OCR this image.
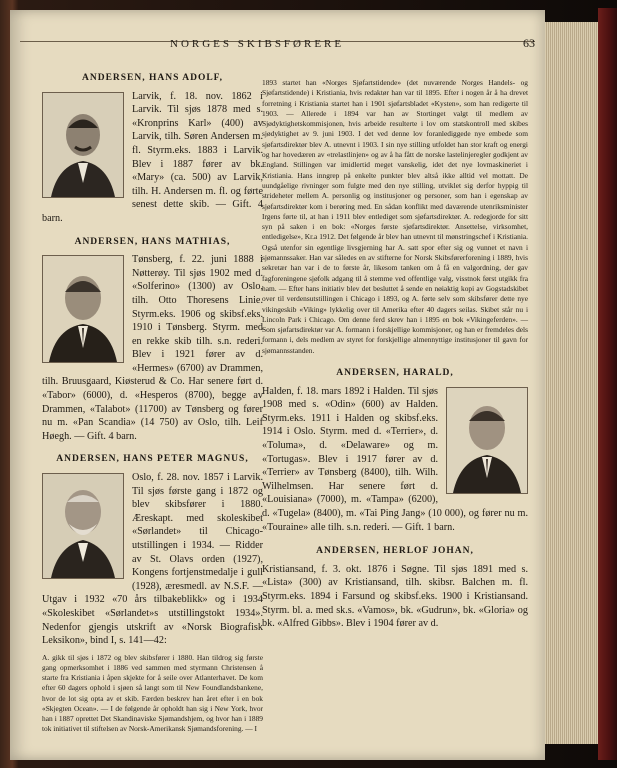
NORGES SKIBSFØRERE	63
ANDERSEN, HANS ADOLF,

Larvik, f. 18. nov. 1862 i Larvik. Til sjøs 1878 med s. «Kronprins Karl» (400) av Larvik, tilh. Søren Andersen m. fl. Styrm.eks. 1883 i Larvik. Blev i 1887 fører av bk. «Mary» (ca. 500) av Larvik, tilh. H. Andersen m. fl. og førte senest dette skib. — Gift. 4 barn.

ANDERSEN, HANS MATHIAS,

Tønsberg, f. 22. juni 1888 i Nøtterøy. Til sjøs 1902 med d. «Solferino» (1300) av Oslo, tilh. Otto Thoresens Linie. Styrm.eks. 1906 og skibsf.eks. 1910 i Tønsberg. Styrm. med en rekke skib tilh. s.n. rederi. Blev i 1921 fører av d. «Hermes» (6700) av Drammen, tilh. Bruusgaard, Kiøsterud & Co. Har senere ført d. «Tabor» (6000), d. «Hesperos (8700), begge av Drammen, «Talabot» (11700) av Tønsberg og fører nu m. «Pan Scandia» (14 750) av Oslo, tilh. Leif Høegh. — Gift. 4 barn.

ANDERSEN, HANS PETER MAGNUS,

Oslo, f. 28. nov. 1857 i Larvik. Til sjøs første gang i 1872 og blev skibsfører i 1880. Æreskapt. med skoleskibet «Sørlandet» til Chicago-utstillingen i 1934. — Ridder av St. Olavs orden (1927), Kongens fortjenstmedalje i gull (1928), æresmedl. av N.S.F. — Utgav i 1932 «70 års tilbakeblikk» og i 1934 «Skoleskibet «Sørlandet»s utstillingstokt 1934». Nedenfor gjengis utskrift av «Norsk Biografisk Leksikon», bind I, s. 141—42:

A. gikk til sjøs i 1872 og blev skibsfører i 1880. Han tildrog sig første gang opmerksomhet i 1886 ved sammen med styrmann Christensen å starte fra Kristiania i åpen skjekte for å seile over Atlanterhavet. De kom efter 60 dagers ophold i sjøen så langt som til New Foundlandsbankene, hvor de lot sig opta av et skib. Færden beskrev han året efter i en bok «Skjegten Ocean». — I de følgende år opholdt han sig i New York, hvor han i 1887 oprettet Det Skandinaviske Sjømandshjem, og hvor han i 1889 tok initiativet til stiftelsen av Norsk-Amerikansk Sjømandsforening. — I

1893 startet han «Norges Sjøfartstidende» (det nuværende Norges Handels- og Sjøfartstidende) i Kristiania, hvis redaktør han var til 1895. Efter i nogen år å ha drevet forretning i Kristiania startet han i 1901 sjøfartsbladet «Kysten», som han redigerte til 1903. — Allerede i 1894 var han av Stortinget valgt til medlem av Sjødyktighetskommisjonen, hvis arbeide resulterte i lov om statskontroll med skibes sjødyktighet av 9. juni 1903. I det ved denne lov foranlediggede nye embede som sjøfartsdirektør blev A. utnevnt i 1903. I sin nye stilling utfoldet han stor kraft og energi og har hovedæren av «trelastlinjen» og av å ha fått de norske lastelinjeregler godkjent av England. Stillingen var imidlertid meget vanskelig, idet det nye lovmaskineriet i Kristiania. Hans inngrep på enkelte punkter blev altså ikke alltid vel mottatt. De uundgåelige rivninger som fulgte med den nye stilling, utviklet sig derfor hyppig til strideheter mellem A. personlig og institusjoner og personer, som han i egenskap av sjøfartsdirektør kom i berøring med. En sådan konflikt med daværende utenriksminister Irgens førte til, at han i 1911 blev entlediget som sjøfartsdirektør. A. redegjorde for sitt syn på saken i en bok: «Norges første sjøfartsdirektør. Ansettelse, virksomhet, entledigelse», Kr.a 1912. Det følgende år blev han utnevnt til mønstringschef i Kristiania. Også utenfor sin egentlige livsgjerning har A. satt spor efter sig og vunnet et navn i sjømannssaker. Han var således en av stifterne for Norsk Skibsførerforening i 1889, hvis sekretær han var i de to første år, likesom tanken om å få en valgordning, der gav fagforeningene sjøfolk adgang til å stemme ved offentlige valg, visstnok først utgikk fra ham. — Efter hans initiativ blev det besluttet å sende en nøiaktig kopi av Gogstadskibet over til verdensutstillingen i Chicago i 1893, og A. førte selv som skibsfører dette nye vikingeskib «Viking» lykkelig over til Amerika efter 40 dagers seilas. Skibet står nu i Lincoln Park i Chicago. Om denne ferd skrev han i 1895 en bok «Vikingeferden». — Som sjøfartsdirektør var A. formann i forskjellige kommisjoner, og han er fremdeles dels formann i, dels medlem av styret for forskjellige almennyttige institusjoner til gavn for sjømannsstanden.

ANDERSEN, HARALD,

Halden, f. 18. mars 1892 i Halden. Til sjøs 1908 med s. «Odin» (600) av Halden. Styrm.eks. 1911 i Halden og skibsf.eks. 1914 i Oslo. Styrm. med d. «Terrier», d. «Toluma», d. «Delaware» og m. «Tortugas». Blev i 1917 fører av d. «Terrier» av Tønsberg (8400), tilh. Wilh. Wilhelmsen. Har senere ført d. «Louisiana» (7000), m. «Tampa» (6200), d. «Tugela» (8400), m. «Tai Ping Jang» (10 000), og fører nu m. «Touraine» alle tilh. s.n. rederi. — Gift. 1 barn.

ANDERSEN, HERLOF JOHAN,

Kristiansand, f. 3. okt. 1876 i Søgne. Til sjøs 1891 med s. «Lista» (300) av Kristiansand, tilh. skibsr. Balchen m. fl. Styrm.eks. 1894 i Farsund og skibsf.eks. 1900 i Kristiansand. Styrm. bl. a. med sk.s. «Vamos», bk. «Gudrun», bk. «Gloria» og bk. «Alfred Gibbs». Blev i 1904 fører av d.
